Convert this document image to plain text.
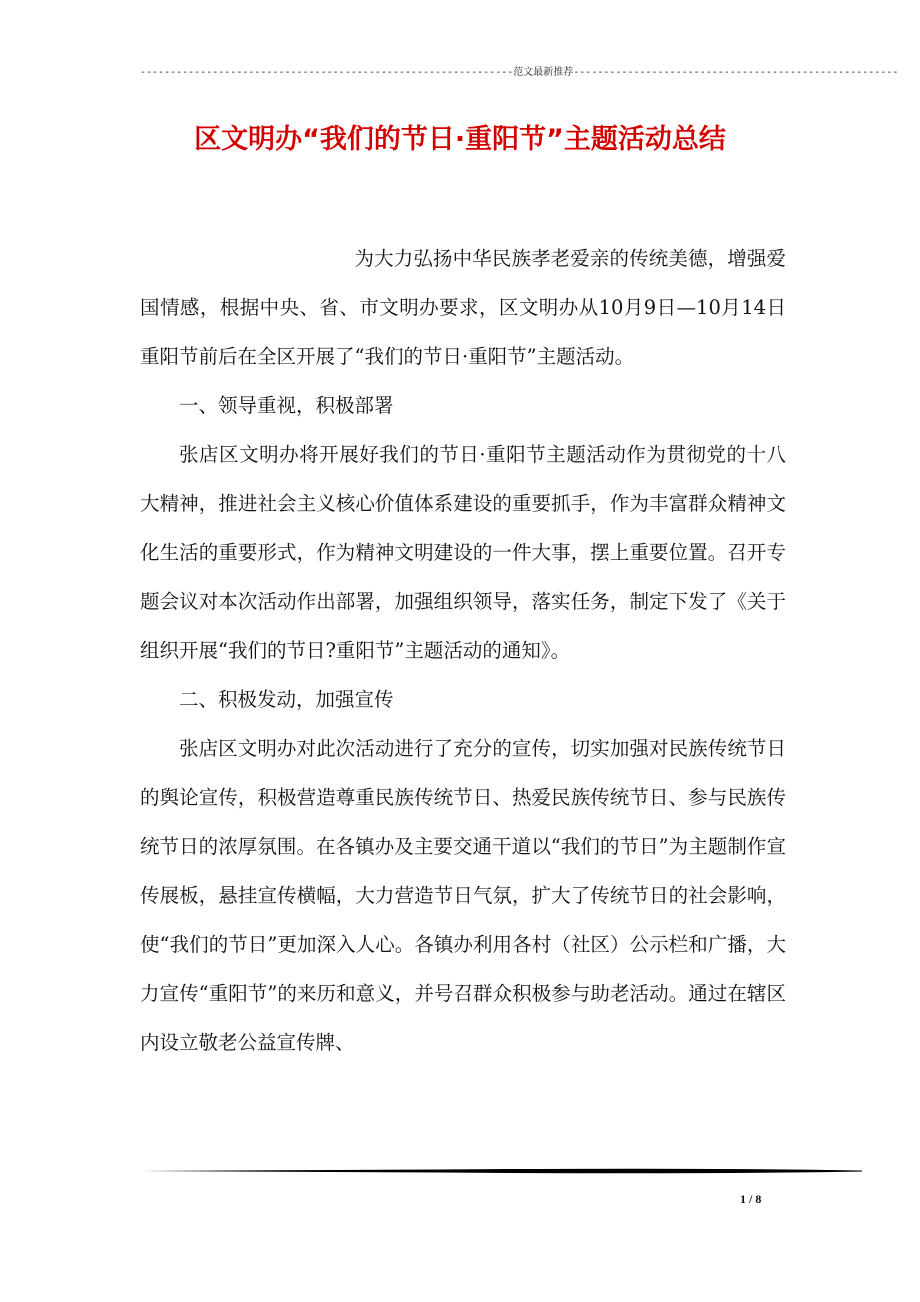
--------------------------------------------------------------范文最新推荐------------------------------------------------------
区文明办“我们的节日·重阳节”主题活动总结

为大力弘扬中华民族孝老爱亲的传统美德，增强爱国情感，根据中央、省、市文明办要求，区文明办从10月9日—10月14日重阳节前后在全区开展了“我们的节日·重阳节”主题活动。

一、领导重视，积极部署

张店区文明办将开展好我们的节日·重阳节主题活动作为贯彻党的十八大精神，推进社会主义核心价值体系建设的重要抓手，作为丰富群众精神文化生活的重要形式，作为精神文明建设的一件大事，摆上重要位置。召开专题会议对本次活动作出部署，加强组织领导，落实任务，制定下发了《关于组织开展“我们的节日?重阳节”主题活动的通知》。

二、积极发动，加强宣传

张店区文明办对此次活动进行了充分的宣传，切实加强对民族传统节日的舆论宣传，积极营造尊重民族传统节日、热爱民族传统节日、参与民族传统节日的浓厚氛围。在各镇办及主要交通干道以“我们的节日”为主题制作宣传展板，悬挂宣传横幅，大力营造节日气氛，扩大了传统节日的社会影响，使“我们的节日”更加深入人心。各镇办利用各村（社区）公示栏和广播，大力宣传“重阳节”的来历和意义，并号召群众积极参与助老活动。通过在辖区内设立敬老公益宣传牌、

1 / 8
